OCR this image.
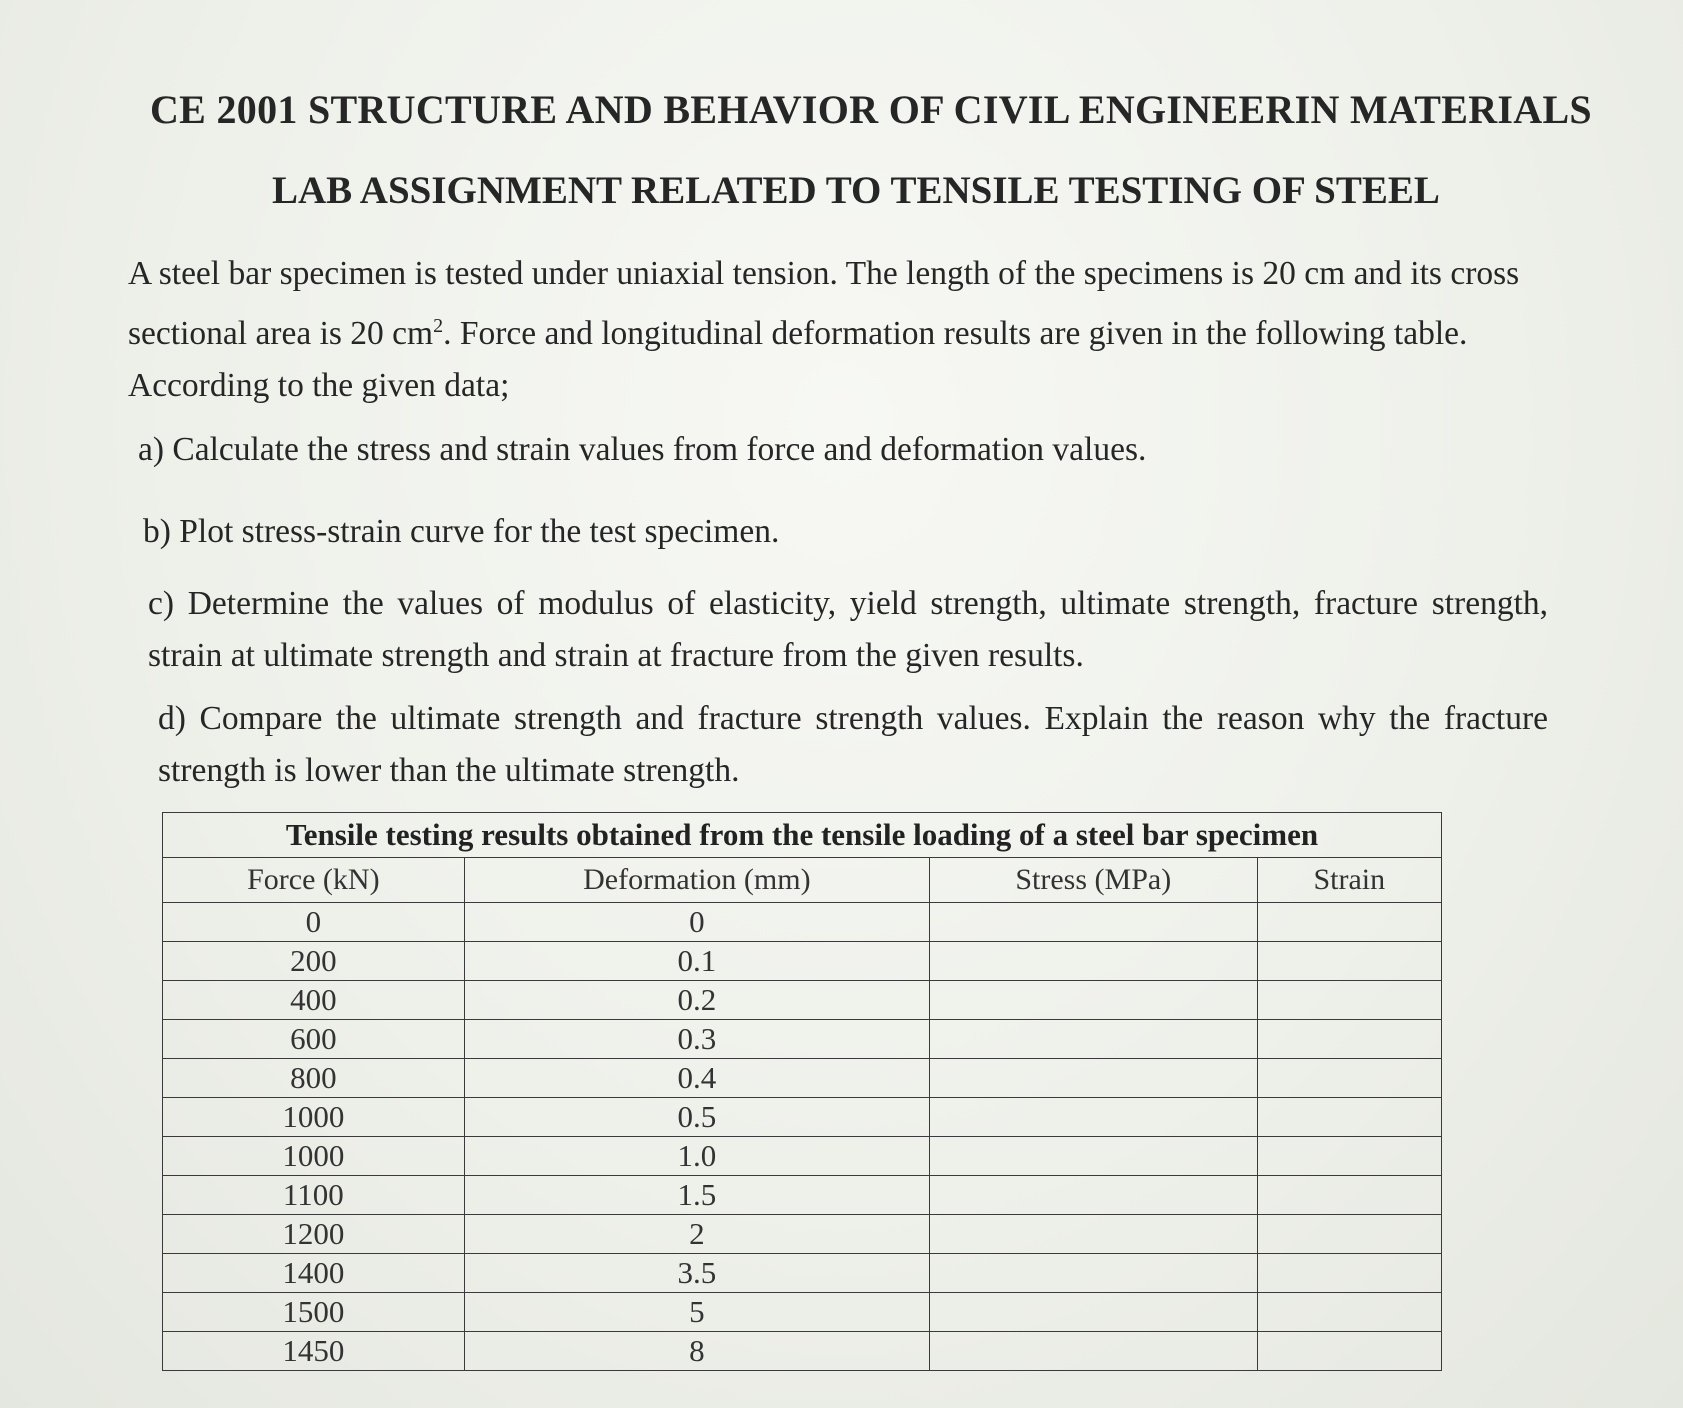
CE 2001 STRUCTURE AND BEHAVIOR OF CIVIL ENGINEERIN MATERIALS
LAB ASSIGNMENT RELATED TO TENSILE TESTING OF STEEL
A steel bar specimen is tested under uniaxial tension. The length of the specimens is 20 cm and its cross sectional area is 20 $cm^2$. Force and longitudinal deformation results are given in the following table. According to the given data;
a) Calculate the stress and strain values from force and deformation values.
b) Plot stress-strain curve for the test specimen.
c) Determine the values of modulus of elasticity, yield strength, ultimate strength, fracture strength, strain at ultimate strength and strain at fracture from the given results.
d) Compare the ultimate strength and fracture strength values. Explain the reason why the fracture strength is lower than the ultimate strength.
Tensile testing results obtained from the tensile loading of a steel bar specimen			
Force (kN)	Deformation (mm)	Stress (MPa)	Strain
0	0		
200	0.1		
400	0.2		
600	0.3		
800	0.4		
1000	0.5		
1000	1.0		
1100	1.5		
1200	2		
1400	3.5		
1500	5		
1450	8		
